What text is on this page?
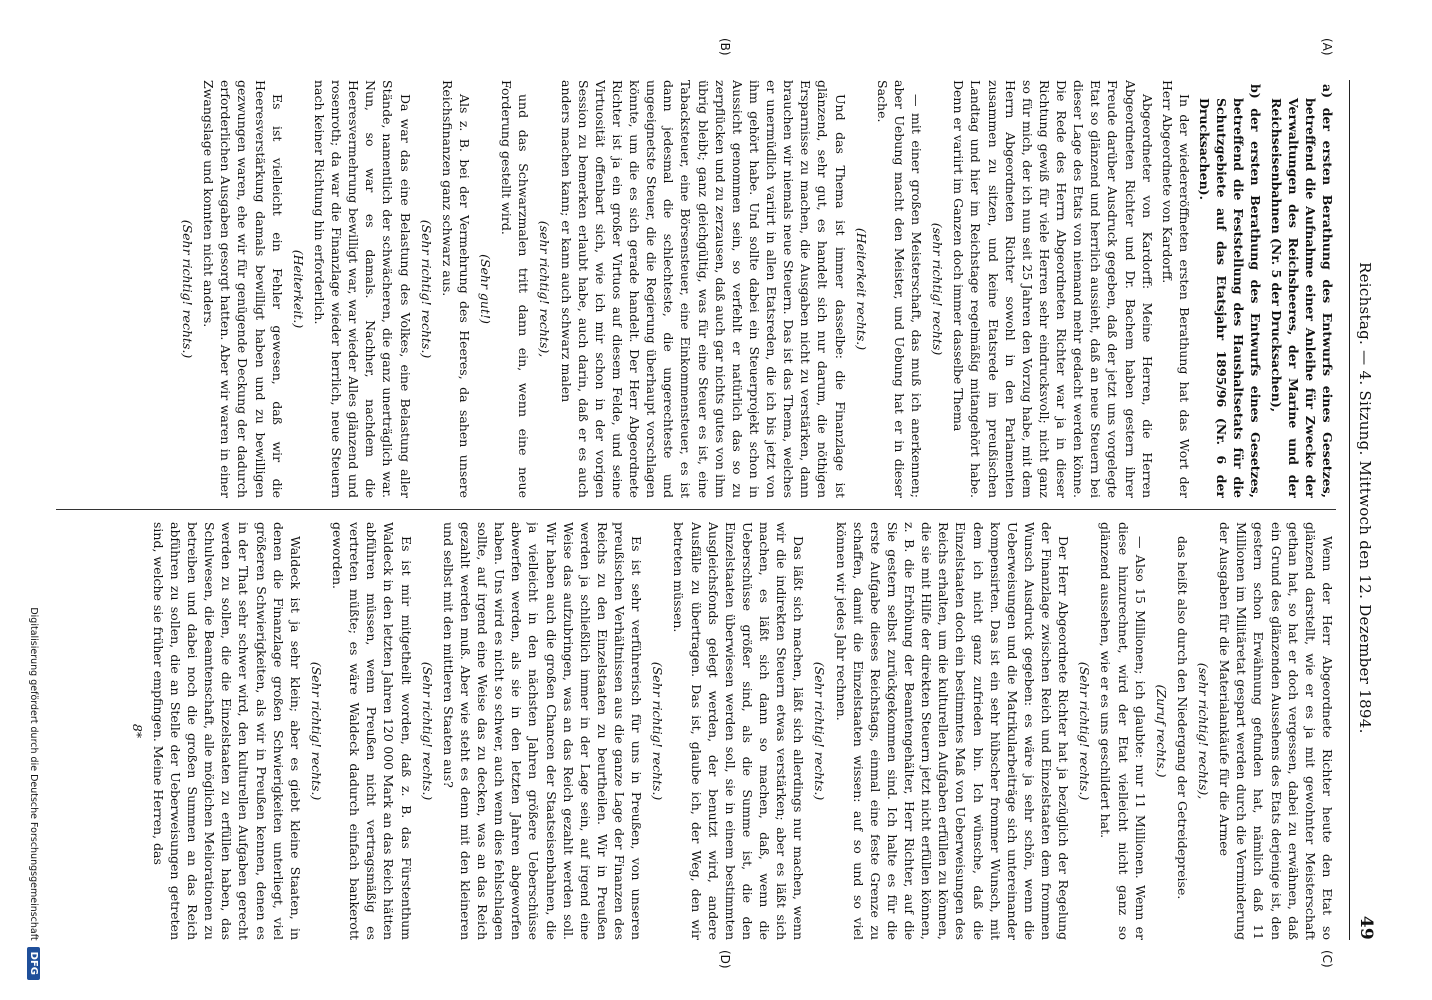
Reichstag. — 4. Sitzung. Mittwoch den 12. Dezember 1894.
49
(A)
(B)
(C)
(D)

a) der ersten Berathung des Entwurfs eines Gesetzes, betreffend die Aufnahme einer Anleihe für Zwecke der Verwaltungen des Reichsheeres, der Marine und der Reichseisenbahnen (Nr. 5 der Drucksachen),

b) der ersten Berathung des Entwurfs eines Gesetzes, betreffend die Feststellung des Haushaltsetats für die Schutzgebiete auf das Etatsjahr 1895/96 (Nr. 6 der Drucksachen).

In der wiedereröffneten ersten Berathung hat das Wort der Herr Abgeordnete von Kardorff.

Abgeordneter von Kardorff: Meine Herren, die Herren Abgeordneten Richter und Dr. Bachem haben gestern ihrer Freude darüber Ausdruck gegeben, daß der jetzt uns vorgelegte Etat so glänzend und herrlich aussieht, daß an neue Steuern bei dieser Lage des Etats von niemand mehr gedacht werden könne. Die Rede des Herrn Abgeordneten Richter war ja in dieser Richtung gewiß für viele Herren sehr eindrucksvoll; nicht ganz so für mich, der ich nun seit 25 Jahren den Vorzug habe, mit dem Herrn Abgeordneten Richter sowohl in den Parlamenten zusammen zu sitzen, und keine Etatsrede im preußischen Landtag und hier im Reichstage regelmäßig mitangehört habe. Denn er variirt im Ganzen doch immer dasselbe Thema

(sehr richtig! rechts)

— mit einer großen Meisterschaft, das muß ich anerkennen; aber Uebung macht den Meister, und Uebung hat er in dieser Sache.

(Heiterkeit rechts.)

Und das Thema ist immer dasselbe: die Finanzlage ist glänzend, sehr gut, es handelt sich nur darum, die nöthigen Ersparnisse zu machen, die Ausgaben nicht zu verstärken, dann brauchen wir niemals neue Steuern. Das ist das Thema, welches er unermüdlich variirt in allen Etatsreden, die ich bis jetzt von ihm gehört habe. Und sollte dabei ein Steuerprojekt schon in Aussicht genommen sein, so verfehlt er natürlich das so zu zerpflücken und zu zerzausen, daß auch gar nichts gutes von ihm übrig bleibt; ganz gleichgültig, was für eine Steuer es ist, eine Tabacksteuer, eine Börsensteuer, eine Einkommensteuer, es ist dann jedesmal die schlechteste, die ungerechteste und ungeeignetste Steuer, die die Regierung überhaupt vorschlagen könnte, um die es sich gerade handelt. Der Herr Abgeordnete Richter ist ja ein großer Virtuos auf diesem Felde, und seine Virtuosität offenbart sich, wie ich mir schon in der vorigen Session zu bemerken erlaubt habe, auch darin, daß er es auch anders machen kann; er kann auch schwarz malen

(sehr richtig! rechts),

und das Schwarzmalen tritt dann ein, wenn eine neue Forderung gestellt wird.

(Sehr gut!)

Als z. B. bei der Vermehrung des Heeres, da sahen unsere Reichsfinanzen ganz schwarz aus.

(Sehr richtig! rechts.)

Da war das eine Belastung des Volkes, eine Belastung aller Stände, namentlich der schwächeren, die ganz unerträglich war. Nun, so war es damals. Nachher, nachdem die Heeresvermehrung bewilligt war, war wieder Alles glänzend und rosenroth; da war die Finanzlage wieder herrlich, neue Steuern nach keiner Richtung hin erforderlich.

(Heiterkeit.)

Es ist vielleicht ein Fehler gewesen, daß wir die Heeresverstärkung damals bewilligt haben und zu bewilligen gezwungen waren, ehe wir für genügende Deckung der dadurch erforderlichen Ausgaben gesorgt hatten. Aber wir waren in einer Zwangslage und konnten nicht anders.

(Sehr richtig! rechts.)

Wenn der Herr Abgeordnete Richter heute den Etat so glänzend darstellt, wie er es ja mit gewohnter Meisterschaft gethan hat, so hat er doch vergessen, dabei zu erwähnen, daß ein Grund des glänzenden Aussehens des Etats derjenige ist, den gestern schon Erwähnung gefunden hat, nämlich daß 11 Millionen im Militäretat gespart werden durch die Verminderung der Ausgaben für die Materialankäufe für die Armee

(sehr richtig! rechts),

das heißt also durch den Niedergang der Getreidepreise.

(Zuruf rechts.)

— Also 15 Millionen; ich glaubte: nur 11 Millionen. Wenn er diese hinzurechnet, wird der Etat vielleicht nicht ganz so glänzend aussehen, wie er es uns geschildert hat.

(Sehr richtig! rechts.)

Der Herr Abgeordnete Richter hat ja bezüglich der Regelung der Finanzlage zwischen Reich und Einzelstaaten dem frommen Wunsch Ausdruck gegeben: es wäre ja sehr schön, wenn die Ueberweisungen und die Matrikularbeiträge sich untereinander kompensirten. Das ist ein sehr hübscher frommer Wunsch, mit dem ich nicht ganz zufrieden bin. Ich wünsche, daß die Einzelstaaten doch ein bestimmtes Maß von Ueberweisungen des Reichs erhalten, um die kulturellen Aufgaben erfüllen zu können, die sie mit Hilfe der direkten Steuern jetzt nicht erfüllen können, z. B. die Erhöhung der Beamtengehälter, Herr Richter, auf die Sie gestern selbst zurückgekommen sind. Ich halte es für die erste Aufgabe dieses Reichstags, einmal eine feste Grenze zu schaffen, damit die Einzelstaaten wissen: auf so und so viel können wir jedes Jahr rechnen.

(Sehr richtig! rechts.)

Das läßt sich machen, läßt sich allerdings nur machen, wenn wir die indirekten Steuern etwas verstärken; aber es läßt sich machen, es läßt sich dann so machen, daß, wenn die Ueberschüsse größer sind, als die Summe ist, die den Einzelstaaten überwiesen werden soll, sie in einem bestimmten Ausgleichsfonds gelegt werden, der benutzt wird, andere Ausfälle zu übertragen. Das ist, glaube ich, der Weg, den wir betreten müssen.

(Sehr richtig! rechts.)

Es ist sehr verführerisch für uns in Preußen, von unseren preußischen Verhältnissen aus die ganze Lage der Finanzen des Reichs zu den Einzelstaaten zu beurtheilen. Wir in Preußen werden ja schließlich immer in der Lage sein, auf irgend eine Weise das aufzubringen, was an das Reich gezahlt werden soll. Wir haben auch die großen Chancen der Staatseisenbahnen, die ja vielleicht in den nächsten Jahren größere Ueberschüsse abwerfen werden, als sie in den letzten Jahren abgeworfen haben. Uns wird es nicht so schwer, auch wenn dies fehlschlagen sollte, auf irgend eine Weise das zu decken, was an das Reich gezahlt werden muß. Aber wie steht es denn mit den kleineren und selbst mit den mittleren Staaten aus?

(Sehr richtig! rechts.)

Es ist mir mitgetheilt worden, daß z. B. das Fürstenthum Waldeck in den letzten Jahren 120 000 Mark an das Reich hätten abführen müssen, wenn Preußen nicht vertragsmäßig es vertreten müßte; es wäre Waldeck dadurch einfach bankerott geworden.

(Sehr richtig! rechts.)

Waldeck ist ja sehr klein; aber es giebt kleine Staaten, in denen die Finanzlage großen Schwierigkeiten unterliegt, viel größeren Schwierigkeiten, als wir in Preußen kennen, denen es in der That sehr schwer wird, den kulturellen Aufgaben gerecht werden zu sollen, die die Einzelstaaten zu erfüllen haben, das Schulwesen, die Beamtenschaft, alle möglichen Meliorationen zu betreiben und dabei noch die großen Summen an das Reich abführen zu sollen, die an Stelle der Ueberweisungen getreten sind, welche sie früher empfingen. Meine Herren, das

8*

Digitalisierung gefördert durch die Deutsche Forschungsgemeinschaft
DFG
